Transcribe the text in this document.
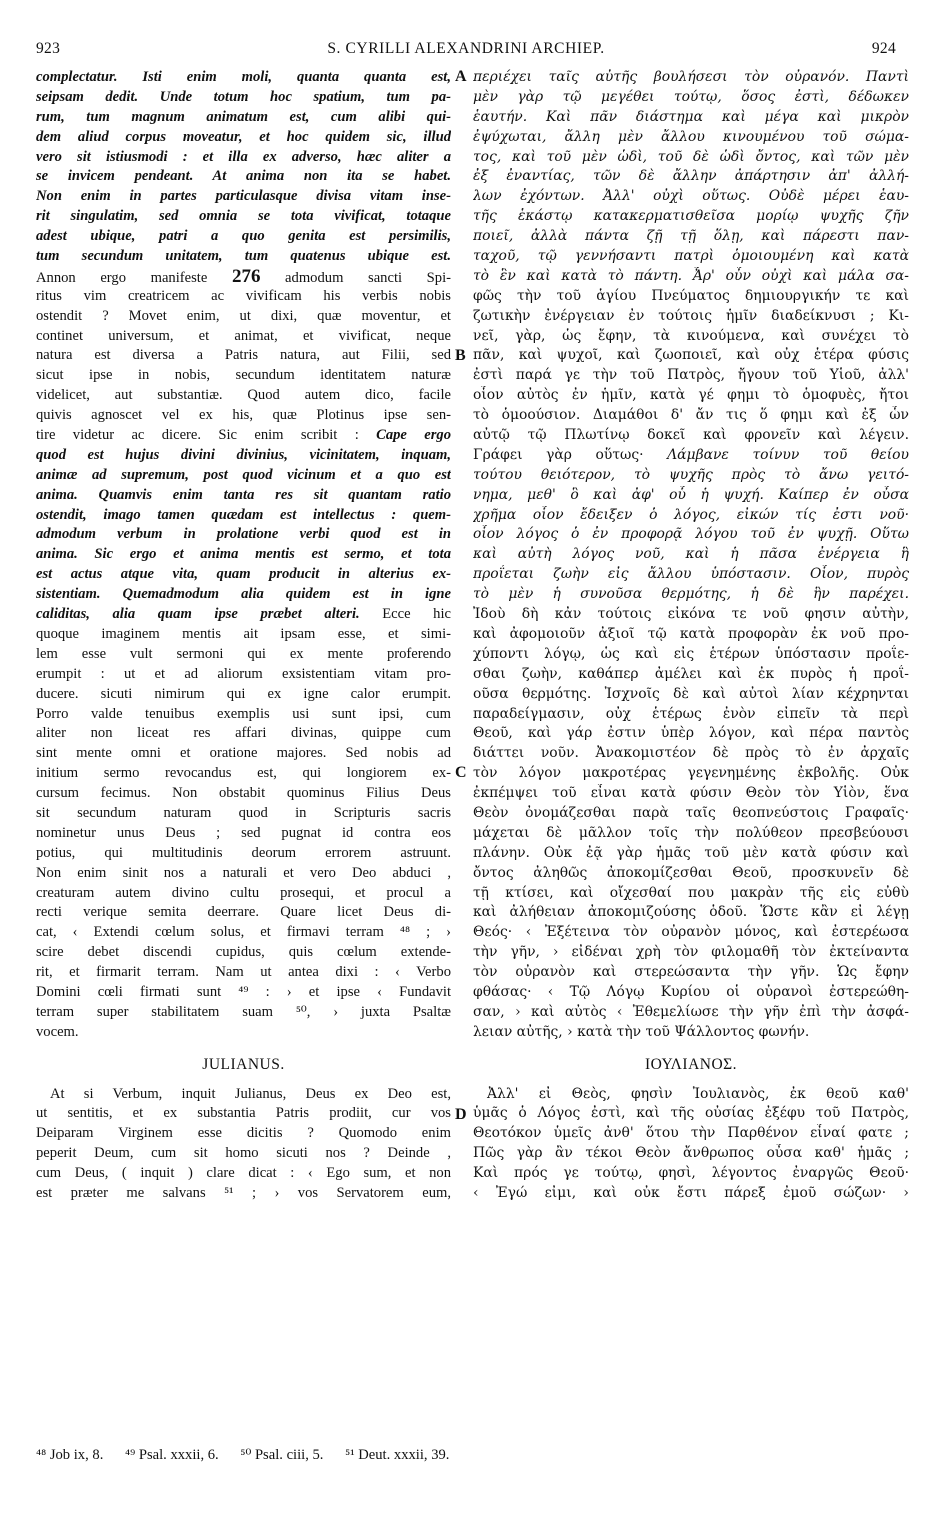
923	S. CYRILLI ALEXANDRINI ARCHIEP.	924
complectatur. Isti enim moli, quanta quanta est,
seipsam dedit. Unde totum hoc spatium, tum pa-
rum, tum magnum animatum est, cum alibi qui-
dem aliud corpus moveatur, et hoc quidem sic, illud
vero sit istiusmodi : et illa ex adverso, hæc aliter a
se invicem pendeant. At anima non ita se habet.
Non enim in partes particulasque divisa vitam inse-
rit singulatim, sed omnia se tota vivificat, totaque
adest ubique, patri a quo genita est persimilis,
tum secundum unitatem, tum quatenus ubique est.
Annon ergo manifeste 276 admodum sancti Spi-
ritus vim creatricem ac vivificam his verbis nobis
ostendit ? Movet enim, ut dixi, quæ moventur, et
continet universum, et animat, et vivificat, neque
natura est diversa a Patris natura, aut Filii, sed
sicut ipse in nobis, secundum identitatem naturæ
videlicet, aut substantiæ. Quod autem dico, facile
quivis agnoscet vel ex his, quæ Plotinus ipse sen-
tire videtur ac dicere. Sic enim scribit : Cape ergo
quod est hujus divini divinius, vicinitatem, inquam,
animæ ad supremum, post quod vicinum et a quo est
anima. Quamvis enim tanta res sit quantam ratio
ostendit, imago tamen quædam est intellectus : quem-
admodum verbum in prolatione verbi quod est in
anima. Sic ergo et anima mentis est sermo, et tota
est actus atque vita, quam producit in alterius ex-
sistentiam. Quemadmodum alia quidem est in igne
caliditas, alia quam ipse præbet alteri. Ecce hic
quoque imaginem mentis ait ipsam esse, et simi-
lem esse vult sermoni qui ex mente proferendo
erumpit : ut et ad aliorum exsistentiam vitam pro-
ducere. sicuti nimirum qui ex igne calor erumpit.
Porro valde tenuibus exemplis usi sunt ipsi, cum
aliter non liceat res affari divinas, quippe cum
sint mente omni et oratione majores. Sed nobis ad
initium sermo revocandus est, qui longiorem ex-
cursum fecimus. Non obstabit quominus Filius Deus
sit secundum naturam quod in Scripturis sacris
nominetur unus Deus ; sed pugnat id contra eos
potius, qui multitudinis deorum errorem astruunt.
Non enim sinit nos a naturali et vero Deo abduci ,
creaturam autem divino cultu prosequi, et procul a
recti verique semita deerrare. Quare licet Deus di-
cat, ‹ Extendi cœlum solus, et firmavi terram ⁴⁸ ; ›
scire debet discendi cupidus, quis cœlum extende-
rit, et firmarit terram. Nam ut antea dixi : ‹ Verbo
Domini cœli firmati sunt ⁴⁹ : › et ipse ‹ Fundavit
terram super stabilitatem suam ⁵⁰, › juxta Psaltæ
vocem.
JULIANUS.
At si Verbum, inquit Julianus, Deus ex Deo est,
ut sentitis, et ex substantia Patris prodiit, cur vos
Deiparam Virginem esse dicitis ? Quomodo enim
peperit Deum, cum sit homo sicuti nos ? Deinde ,
cum Deus, ( inquit ) clare dicat : ‹ Ego sum, et non
est præter me salvans ⁵¹ ; › vos Servatorem eum,
A
B
C
D
περιέχει ταῖς αὐτῆς βουλήσεσι τὸν οὐρανόν. Παντὶ
μὲν γὰρ τῷ μεγέθει τούτῳ, ὅσος ἐστὶ, δέδωκεν
ἑαυτήν. Καὶ πᾶν διάστημα καὶ μέγα καὶ μικρὸν
ἐψύχωται, ἄλλη μὲν ἄλλου κινουμένου τοῦ σώμα-
τος, καὶ τοῦ μὲν ὡδὶ, τοῦ δὲ ὡδὶ ὄντος, καὶ τῶν μὲν
ἐξ ἐναντίας, τῶν δὲ ἄλλην ἀπάρτησιν ἀπ' ἀλλή-
λων ἐχόντων. Ἀλλ' οὐχὶ οὕτως. Οὐδὲ μέρει ἑαυ-
τῆς ἑκάστῳ κατακερματισθεῖσα μορίῳ ψυχῆς ζῆν
ποιεῖ, ἀλλὰ πάντα ζῇ τῇ ὅλῃ, καὶ πάρεστι παν-
ταχοῦ, τῷ γεννήσαντι πατρὶ ὁμοιουμένη καὶ κατὰ
τὸ ἓν καὶ κατὰ τὸ πάντη. Ἆρ' οὖν οὐχὶ καὶ μάλα σα-
φῶς τὴν τοῦ ἁγίου Πνεύματος δημιουργικήν τε καὶ
ζωτικὴν ἐνέργειαν ἐν τούτοις ἡμῖν διαδείκνυσι ; Κι-
νεῖ, γὰρ, ὡς ἔφην, τὰ κινούμενα, καὶ συνέχει τὸ
πᾶν, καὶ ψυχοῖ, καὶ ζωοποιεῖ, καὶ οὐχ ἑτέρα φύσις
ἐστὶ παρά γε τὴν τοῦ Πατρὸς, ἤγουν τοῦ Υἱοῦ, ἀλλ'
οἷον αὐτὸς ἐν ἡμῖν, κατὰ γέ φημι τὸ ὁμοφυὲς, ἤτοι
τὸ ὁμοούσιον. Διαμάθοι δ' ἄν τις ὅ φημι καὶ ἐξ ὧν
αὐτῷ τῷ Πλωτίνῳ δοκεῖ καὶ φρονεῖν καὶ λέγειν.
Γράφει γὰρ οὕτως· Λάμβανε τοίνυν τοῦ θείου
τούτου θειότερον, τὸ ψυχῆς πρὸς τὸ ἄνω γειτό-
νημα, μεθ' ὃ καὶ ἀφ' οὗ ἡ ψυχή. Καίπερ ἐν οὖσα
χρῆμα οἷον ἔδειξεν ὁ λόγος, εἰκών τίς ἐστι νοῦ·
οἷον λόγος ὁ ἐν προφορᾷ λόγου τοῦ ἐν ψυχῇ. Οὕτω
καὶ αὐτὴ λόγος νοῦ, καὶ ἡ πᾶσα ἐνέργεια ἣ
προΐεται ζωὴν εἰς ἄλλου ὑπόστασιν. Οἷον, πυρὸς
τὸ μὲν ἡ συνοῦσα θερμότης, ἡ δὲ ἣν παρέχει.
Ἰδοὺ δὴ κἀν τούτοις εἰκόνα τε νοῦ φησιν αὐτὴν,
καὶ ἀφομοιοῦν ἀξιοῖ τῷ κατὰ προφορὰν ἐκ νοῦ προ-
χύποντι λόγῳ, ὡς καὶ εἰς ἑτέρων ὑπόστασιν προΐε-
σθαι ζωὴν, καθάπερ ἀμέλει καὶ ἐκ πυρὸς ἡ προΐ-
οῦσα θερμότης. Ἰσχνοῖς δὲ καὶ αὐτοὶ λίαν κέχρηνται
παραδείγμασιν, οὐχ ἑτέρως ἐνὸν εἰπεῖν τὰ περὶ
Θεοῦ, καὶ γάρ ἐστιν ὑπὲρ λόγον, καὶ πέρα παντὸς
διάττει νοῦν. Ἀνακομιστέον δὲ πρὸς τὸ ἐν ἀρχαῖς
τὸν λόγον μακροτέρας γεγενημένης ἐκβολῆς. Οὐκ
ἐκπέμψει τοῦ εἶναι κατὰ φύσιν Θεὸν τὸν Υἱὸν, ἕνα
Θεὸν ὀνομάζεσθαι παρὰ ταῖς θεοπνεύστοις Γραφαῖς·
μάχεται δὲ μᾶλλον τοῖς τὴν πολύθεον πρεσβεύουσι
πλάνην. Οὐκ ἐᾷ γὰρ ἡμᾶς τοῦ μὲν κατὰ φύσιν καὶ
ὄντος ἀληθῶς ἀποκομίζεσθαι Θεοῦ, προσκυνεῖν δὲ
τῇ κτίσει, καὶ οἴχεσθαί που μακρὰν τῆς εἰς εὐθὺ
καὶ ἀλήθειαν ἀποκομιζούσης ὁδοῦ. Ὥστε κἂν εἰ λέγῃ
Θεός· ‹ Ἐξέτεινα τὸν οὐρανὸν μόνος, καὶ ἐστερέωσα
τὴν γῆν, › εἰδέναι χρὴ τὸν φιλομαθῆ τὸν ἐκτείναντα
τὸν οὐρανὸν καὶ στερεώσαντα τὴν γῆν. Ὡς ἔφην
φθάσας· ‹ Τῷ Λόγῳ Κυρίου οἱ οὐρανοὶ ἐστερεώθη-
σαν, › καὶ αὐτὸς ‹ Ἐθεμελίωσε τὴν γῆν ἐπὶ τὴν ἀσφά-
λειαν αὐτῆς, › κατὰ τὴν τοῦ Ψάλλοντος φωνήν.
ΙΟΥΛΙΑΝΟΣ.
Ἀλλ' εἰ Θεὸς, φησὶν Ἰουλιανὸς, ἐκ θεοῦ καθ'
ὑμᾶς ὁ Λόγος ἐστὶ, καὶ τῆς οὐσίας ἐξέφυ τοῦ Πατρὸς,
Θεοτόκον ὑμεῖς ἀνθ' ὅτου τὴν Παρθένον εἶναί φατε ;
Πῶς γὰρ ἂν τέκοι Θεὸν ἄνθρωπος οὖσα καθ' ἡμᾶς ;
Καὶ πρός γε τούτῳ, φησὶ, λέγοντος ἐναργῶς Θεοῦ·
‹ Ἐγώ εἰμι, καὶ οὐκ ἔστι πάρεξ ἐμοῦ σώζων· ›
⁴⁸ Job ix, 8. ⁴⁹ Psal. xxxii, 6. ⁵⁰ Psal. ciii, 5. ⁵¹ Deut. xxxii, 39.
